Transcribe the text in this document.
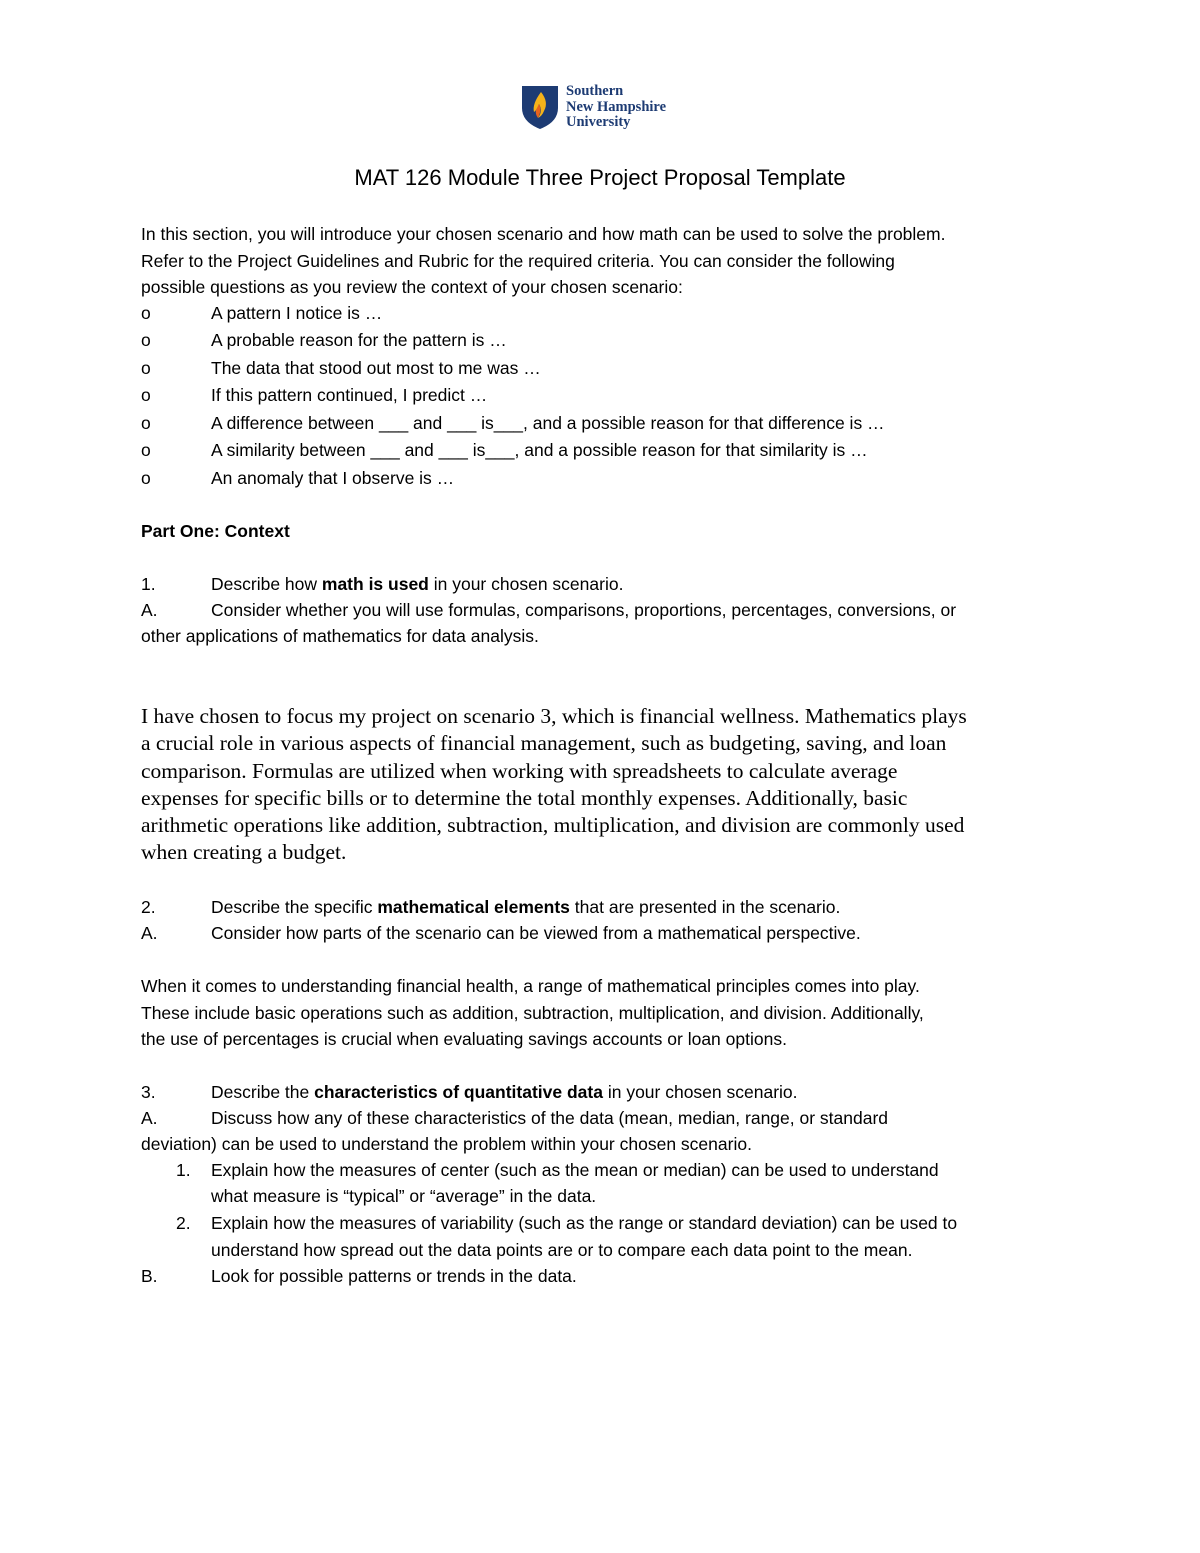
Southern
New Hampshire
University
MAT 126 Module Three Project Proposal Template
In this section, you will introduce your chosen scenario and how math can be used to solve the problem.
Refer to the Project Guidelines and Rubric for the required criteria. You can consider the following
possible questions as you review the context of your chosen scenario:
o	A pattern I notice is …
o	A probable reason for the pattern is …
o	The data that stood out most to me was …
o	If this pattern continued, I predict …
o	A difference between ___ and ___ is___, and a possible reason for that difference is …
o	A similarity between ___ and ___ is___, and a possible reason for that similarity is …
o	An anomaly that I observe is …
Part One: Context
1.	Describe how math is used in your chosen scenario.
A.	Consider whether you will use formulas, comparisons, proportions, percentages, conversions, or
other applications of mathematics for data analysis.
I have chosen to focus my project on scenario 3, which is financial wellness. Mathematics plays
a crucial role in various aspects of financial management, such as budgeting, saving, and loan
comparison. Formulas are utilized when working with spreadsheets to calculate average
expenses for specific bills or to determine the total monthly expenses. Additionally, basic
arithmetic operations like addition, subtraction, multiplication, and division are commonly used
when creating a budget.
2.	Describe the specific mathematical elements that are presented in the scenario.
A.	Consider how parts of the scenario can be viewed from a mathematical perspective.
When it comes to understanding financial health, a range of mathematical principles comes into play.
These include basic operations such as addition, subtraction, multiplication, and division. Additionally,
the use of percentages is crucial when evaluating savings accounts or loan options.
3.	Describe the characteristics of quantitative data in your chosen scenario.
A.	Discuss how any of these characteristics of the data (mean, median, range, or standard
deviation) can be used to understand the problem within your chosen scenario.
1. Explain how the measures of center (such as the mean or median) can be used to understand
what measure is “typical” or “average” in the data.
2. Explain how the measures of variability (such as the range or standard deviation) can be used to
understand how spread out the data points are or to compare each data point to the mean.
B.	Look for possible patterns or trends in the data.
